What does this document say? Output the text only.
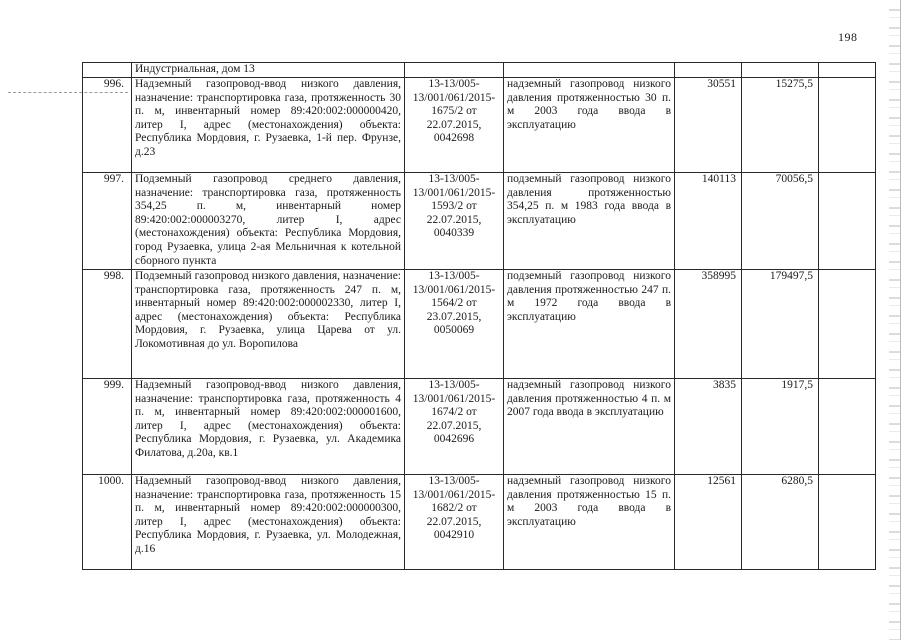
198
	Индустриальная, дом 13					

996.	Надземный газопровод-ввод низкого давления, назначение: транспортировка газа, протяженность 30 п. м, инвентарный номер 89:420:002:000000420, литер I, адрес (местонахождения) объекта: Республика Мордовия, г. Рузаевка, 1-й пер. Фрунзе, д.23	13-13/005-13/001/061/2015-1675/2 от 22.07.2015, 0042698	надземный газопровод низкого давления протяженностью 30 п. м 2003 года ввода в эксплуатацию	30551	15275,5	

997.	Подземный газопровод среднего давления, назначение: транспортировка газа, протяженность 354,25 п. м, инвентарный номер 89:420:002:000003270, литер I, адрес (местонахождения) объекта: Республика Мордовия, город Рузаевка, улица 2-ая Мельничная к котельной сборного пункта	13-13/005-13/001/061/2015-1593/2 от 22.07.2015, 0040339	подземный газопровод низкого давления протяженностью 354,25 п. м 1983 года ввода в эксплуатацию	140113	70056,5	

998.	Подземный газопровод низкого давления, назначение: транспортировка газа, протяженность 247 п. м, инвентарный номер 89:420:002:000002330, литер I, адрес (местонахождения) объекта: Республика Мордовия, г. Рузаевка, улица Царева от ул. Локомотивная до ул. Воропилова	13-13/005-13/001/061/2015-1564/2 от 23.07.2015, 0050069	подземный газопровод низкого давления протяженностью 247 п. м 1972 года ввода в эксплуатацию	358995	179497,5	

999.	Надземный газопровод-ввод низкого давления, назначение: транспортировка газа, протяженность 4 п. м, инвентарный номер 89:420:002:000001600, литер I, адрес (местонахождения) объекта: Республика Мордовия, г. Рузаевка, ул. Академика Филатова, д.20а, кв.1	13-13/005-13/001/061/2015-1674/2 от 22.07.2015, 0042696	надземный газопровод низкого давления протяженностью 4 п. м 2007 года ввода в эксплуатацию	3835	1917,5	

1000.	Надземный газопровод-ввод низкого давления, назначение: транспортировка газа, протяженность 15 п. м, инвентарный номер 89:420:002:000000300, литер I, адрес (местонахождения) объекта: Республика Мордовия, г. Рузаевка, ул. Молодежная, д.16	13-13/005-13/001/061/2015-1682/2 от 22.07.2015, 0042910	надземный газопровод низкого давления протяженностью 15 п. м 2003 года ввода в эксплуатацию	12561	6280,5	
